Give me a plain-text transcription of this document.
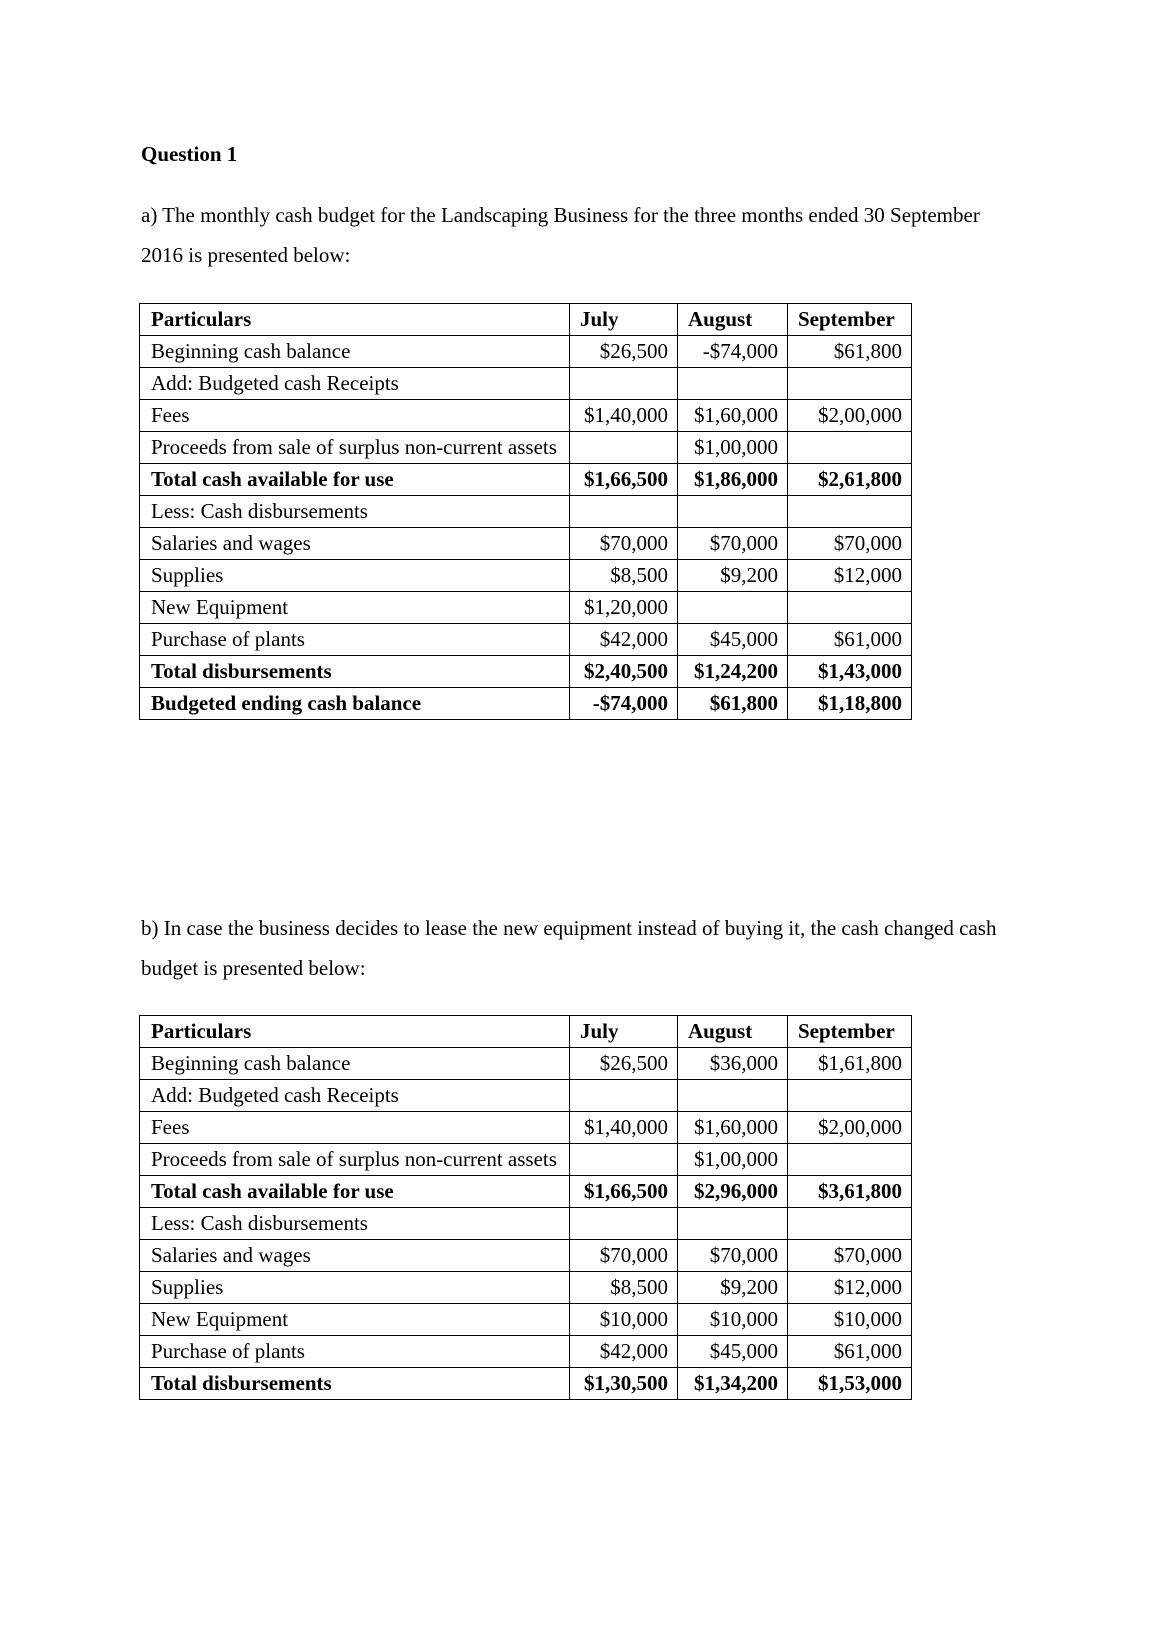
Question 1

a) The monthly cash budget for the Landscaping Business for the three months ended 30 September 2016 is presented below:

Particulars	July	August	September
Beginning cash balance	$26,500	-$74,000	$61,800
Add: Budgeted cash Receipts			
Fees	$1,40,000	$1,60,000	$2,00,000
Proceeds from sale of surplus non-current assets		$1,00,000	
Total cash available for use	$1,66,500	$1,86,000	$2,61,800
Less: Cash disbursements			
Salaries and wages	$70,000	$70,000	$70,000
Supplies	$8,500	$9,200	$12,000
New Equipment	$1,20,000		
Purchase of plants	$42,000	$45,000	$61,000
Total disbursements	$2,40,500	$1,24,200	$1,43,000
Budgeted ending cash balance	-$74,000	$61,800	$1,18,800

b) In case the business decides to lease the new equipment instead of buying it, the cash changed cash budget is presented below:

Particulars	July	August	September
Beginning cash balance	$26,500	$36,000	$1,61,800
Add: Budgeted cash Receipts			
Fees	$1,40,000	$1,60,000	$2,00,000
Proceeds from sale of surplus non-current assets		$1,00,000	
Total cash available for use	$1,66,500	$2,96,000	$3,61,800
Less: Cash disbursements			
Salaries and wages	$70,000	$70,000	$70,000
Supplies	$8,500	$9,200	$12,000
New Equipment	$10,000	$10,000	$10,000
Purchase of plants	$42,000	$45,000	$61,000
Total disbursements	$1,30,500	$1,34,200	$1,53,000
